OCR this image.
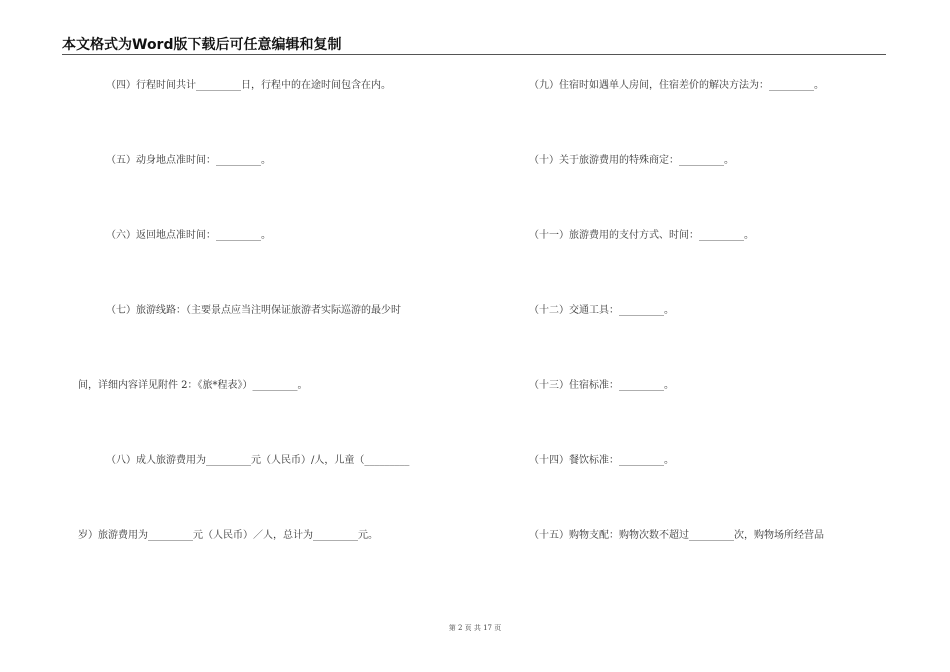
本文格式为Word版下载后可任意编辑和复制
（四）行程时间共计_________日，行程中的在途时间包含在内。
（五）动身地点准时间：_________。
（六）返回地点准时间：_________。
（七）旅游线路：（主要景点应当注明保证旅游者实际巡游的最少时
间，详细内容详见附件 2：《旅*程表》）_________。
（八）成人旅游费用为_________元（人民币）/人，儿童（_________
岁）旅游费用为_________元（人民币）／人，总计为_________元。
（九）住宿时如遇单人房间，住宿差价的解决方法为：_________。
（十）关于旅游费用的特殊商定：_________。
（十一）旅游费用的支付方式、时间：_________。
（十二）交通工具：_________。
（十三）住宿标准：_________。
（十四）餐饮标准：_________。
（十五）购物支配：购物次数不超过_________次，购物场所经营品
第 2 页 共 17 页
